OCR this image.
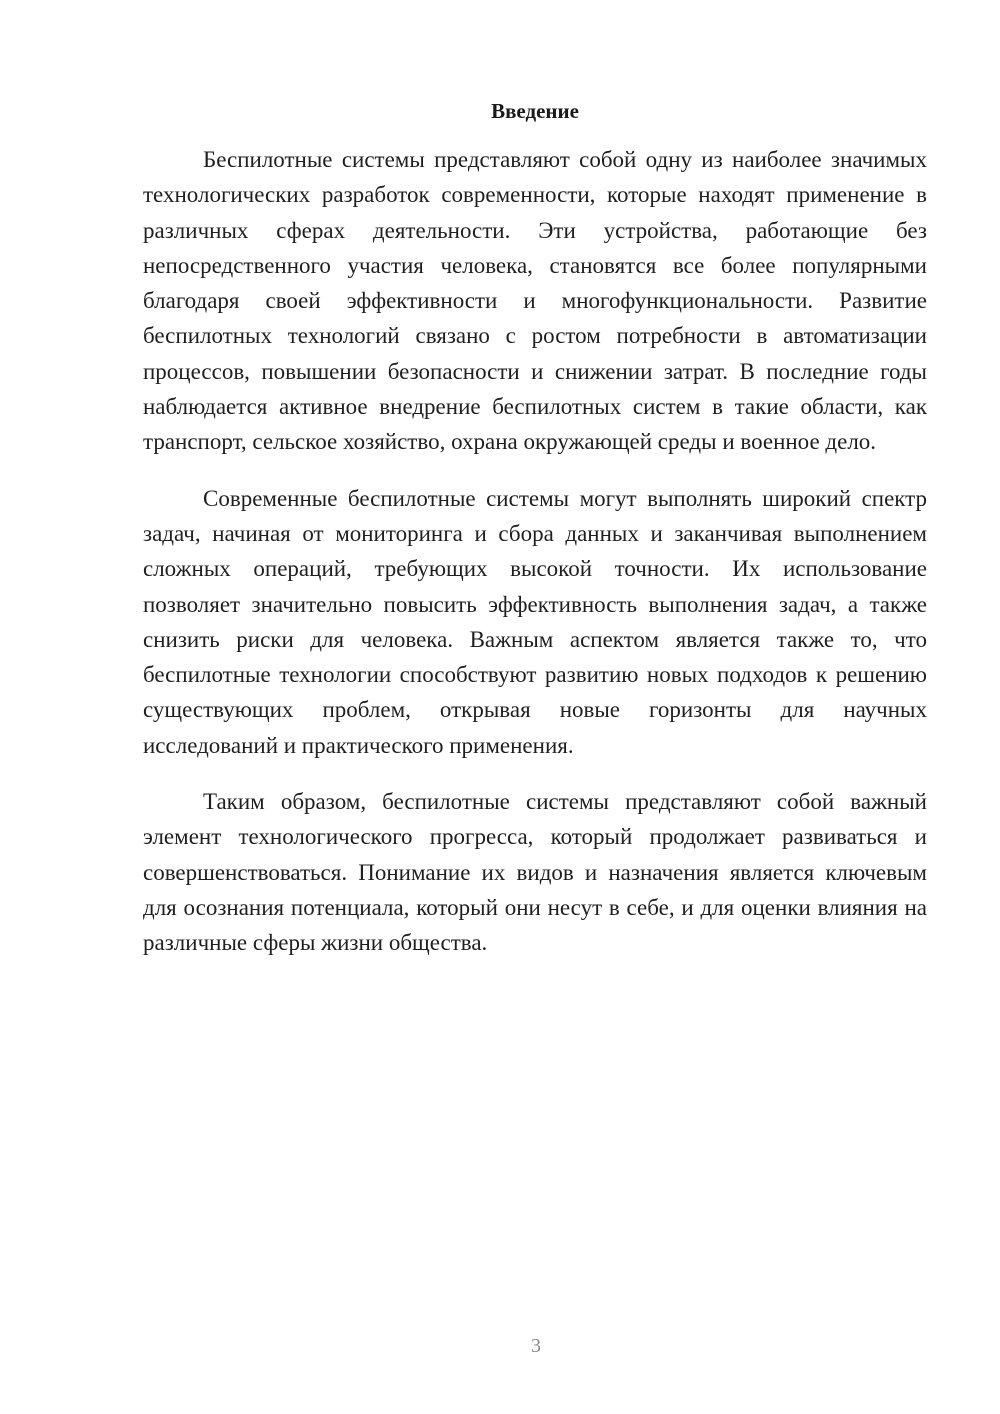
Введение

Беспилотные системы представляют собой одну из наиболее значимых технологических разработок современности, которые находят применение в различных сферах деятельности. Эти устройства, работающие без непосредственного участия человека, становятся все более популярными благодаря своей эффективности и многофункциональности. Развитие беспилотных технологий связано с ростом потребности в автоматизации процессов, повышении безопасности и снижении затрат. В последние годы наблюдается активное внедрение беспилотных систем в такие области, как транспорт, сельское хозяйство, охрана окружающей среды и военное дело.

Современные беспилотные системы могут выполнять широкий спектр задач, начиная от мониторинга и сбора данных и заканчивая выполнением сложных операций, требующих высокой точности. Их использование позволяет значительно повысить эффективность выполнения задач, а также снизить риски для человека. Важным аспектом является также то, что беспилотные технологии способствуют развитию новых подходов к решению существующих проблем, открывая новые горизонты для научных исследований и практического применения.

Таким образом, беспилотные системы представляют собой важный элемент технологического прогресса, который продолжает развиваться и совершенствоваться. Понимание их видов и назначения является ключевым для осознания потенциала, который они несут в себе, и для оценки влияния на различные сферы жизни общества.

3
